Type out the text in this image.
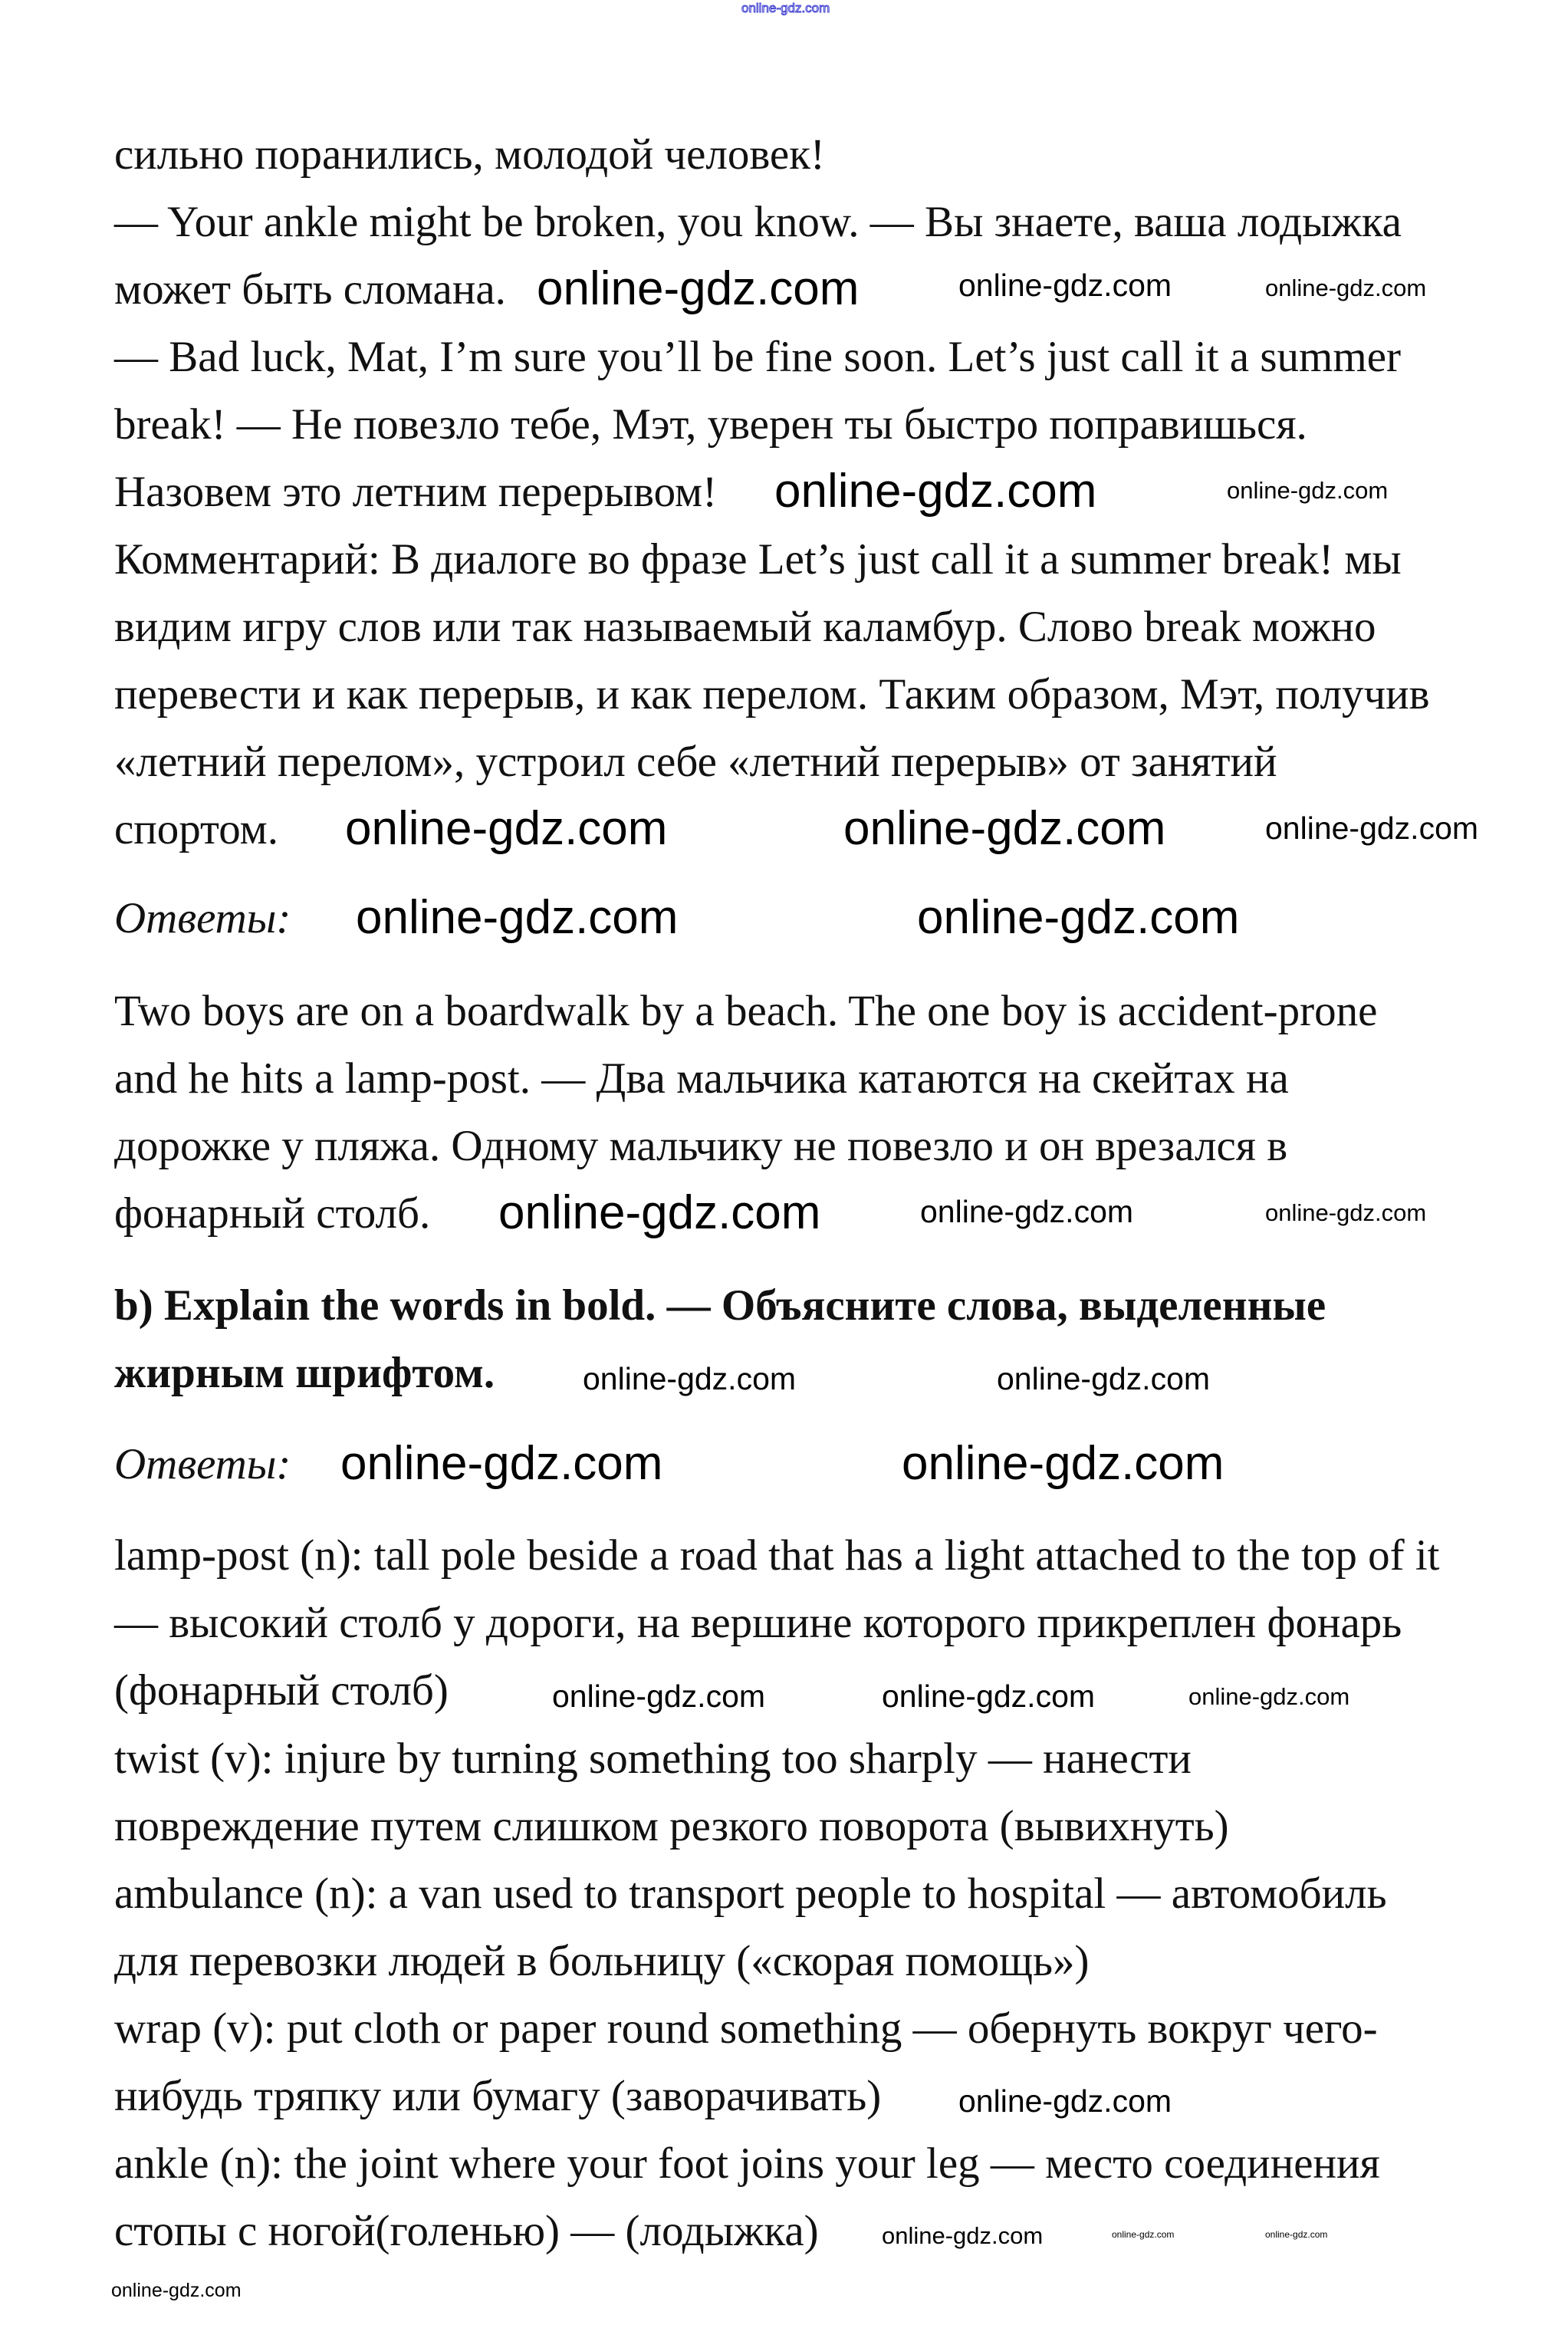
online-gdz.com
сильно поранились, молодой человек!
— Your ankle might be broken, you know. — Вы знаете, ваша лодыжка
может быть сломана.
— Bad luck, Mat, I’m sure you’ll be fine soon. Let’s just call it a summer
break! — Не повезло тебе, Мэт, уверен ты быстро поправишься.
Назовем это летним перерывом!
Комментарий: В диалоге во фразе Let’s just call it a summer break! мы
видим игру слов или так называемый каламбур. Слово break можно
перевести и как перерыв, и как перелом. Таким образом, Мэт, получив
«летний перелом», устроил себе «летний перерыв» от занятий
спортом.
Ответы:
Two boys are on a boardwalk by a beach. The one boy is accident-prone
and he hits a lamp-post. — Два мальчика катаются на скейтах на
дорожке у пляжа. Одному мальчику не повезло и он врезался в
фонарный столб.
b) Explain the words in bold. — Объясните слова, выделенные
жирным шрифтом.
Ответы:
lamp-post (n): tall pole beside a road that has a light attached to the top of it
— высокий столб у дороги, на вершине которого прикреплен фонарь
(фонарный столб)
twist (v): injure by turning something too sharply — нанести
повреждение путем слишком резкого поворота (вывихнуть)
ambulance (n): a van used to transport people to hospital — автомобиль
для перевозки людей в больницу («скорая помощь»)
wrap (v): put cloth or paper round something — обернуть вокруг чего-
нибудь тряпку или бумагу (заворачивать)
ankle (n): the joint where your foot joins your leg — место соединения
стопы с ногой(голенью) — (лодыжка)
online-gdz.com
online-gdz.com
online-gdz.com	online-gdz.com
online-gdz.com	online-gdz.com
online-gdz.com
online-gdz.com	online-gdz.com
online-gdz.com
online-gdz.com
online-gdz.com
online-gdz.com	online-gdz.com
online-gdz.com	online-gdz.com
online-gdz.com
online-gdz.com
online-gdz.com
online-gdz.com
online-gdz.com
online-gdz.com
online-gdz.com
online-gdz.com	online-gdz.com
